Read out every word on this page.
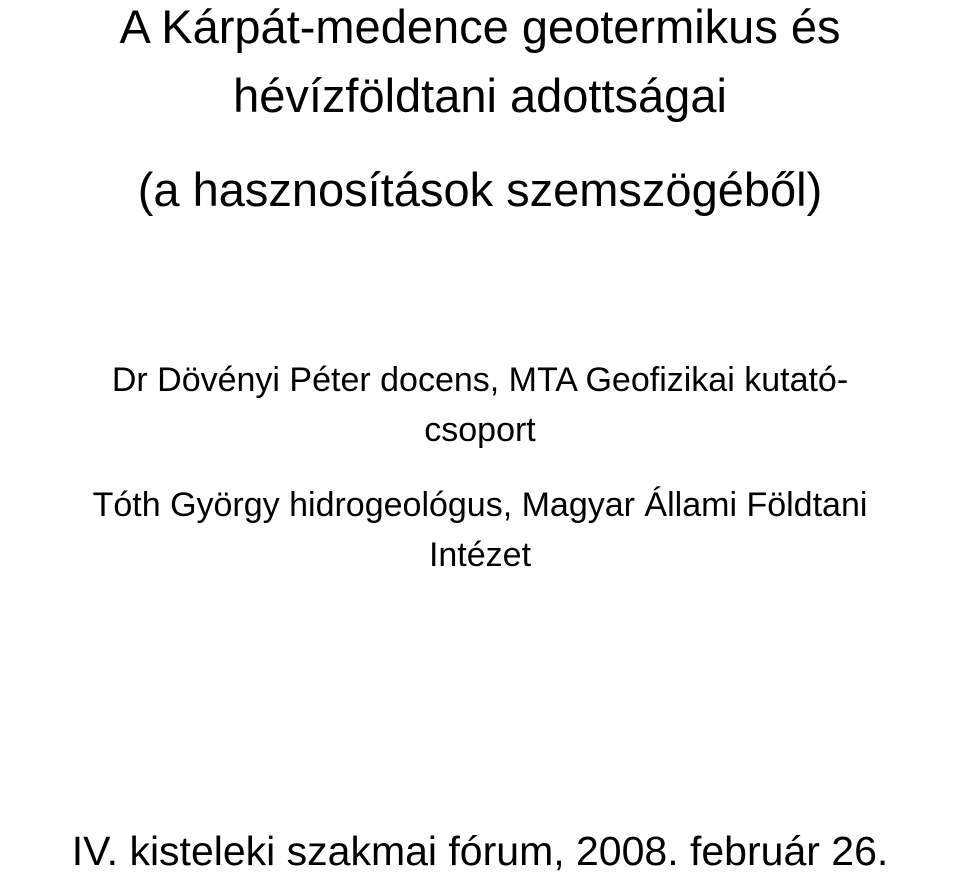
A Kárpát-medence geotermikus és
hévízföldtani adottságai
(a hasznosítások szemszögéből)
Dr Dövényi Péter docens, MTA Geofizikai kutató-
csoport
Tóth György hidrogeológus, Magyar Állami Földtani
Intézet
IV. kisteleki szakmai fórum, 2008. február 26.
